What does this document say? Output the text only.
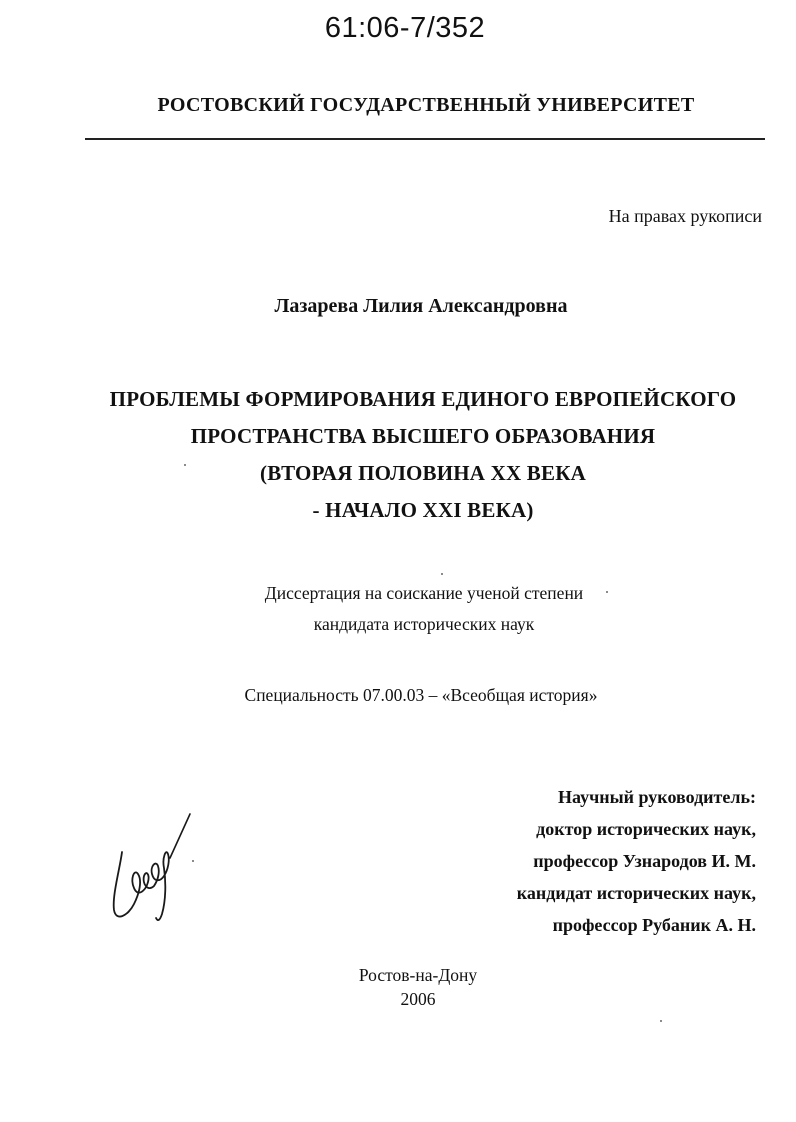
61:06-7/352
РОСТОВСКИЙ ГОСУДАРСТВЕННЫЙ УНИВЕРСИТЕТ
На правах рукописи
Лазарева Лилия Александровна
ПРОБЛЕМЫ ФОРМИРОВАНИЯ ЕДИНОГО ЕВРОПЕЙСКОГО
ПРОСТРАНСТВА ВЫСШЕГО ОБРАЗОВАНИЯ
(ВТОРАЯ ПОЛОВИНА XX ВЕКА
- НАЧАЛО XXI ВЕКА)
Диссертация на соискание ученой степени
кандидата исторических наук
Специальность 07.00.03 – «Всеобщая история»
Научный руководитель:
доктор исторических наук,
профессор Узнародов И. М.
кандидат исторических наук,
профессор Рубаник А. Н.
Ростов-на-Дону
2006
